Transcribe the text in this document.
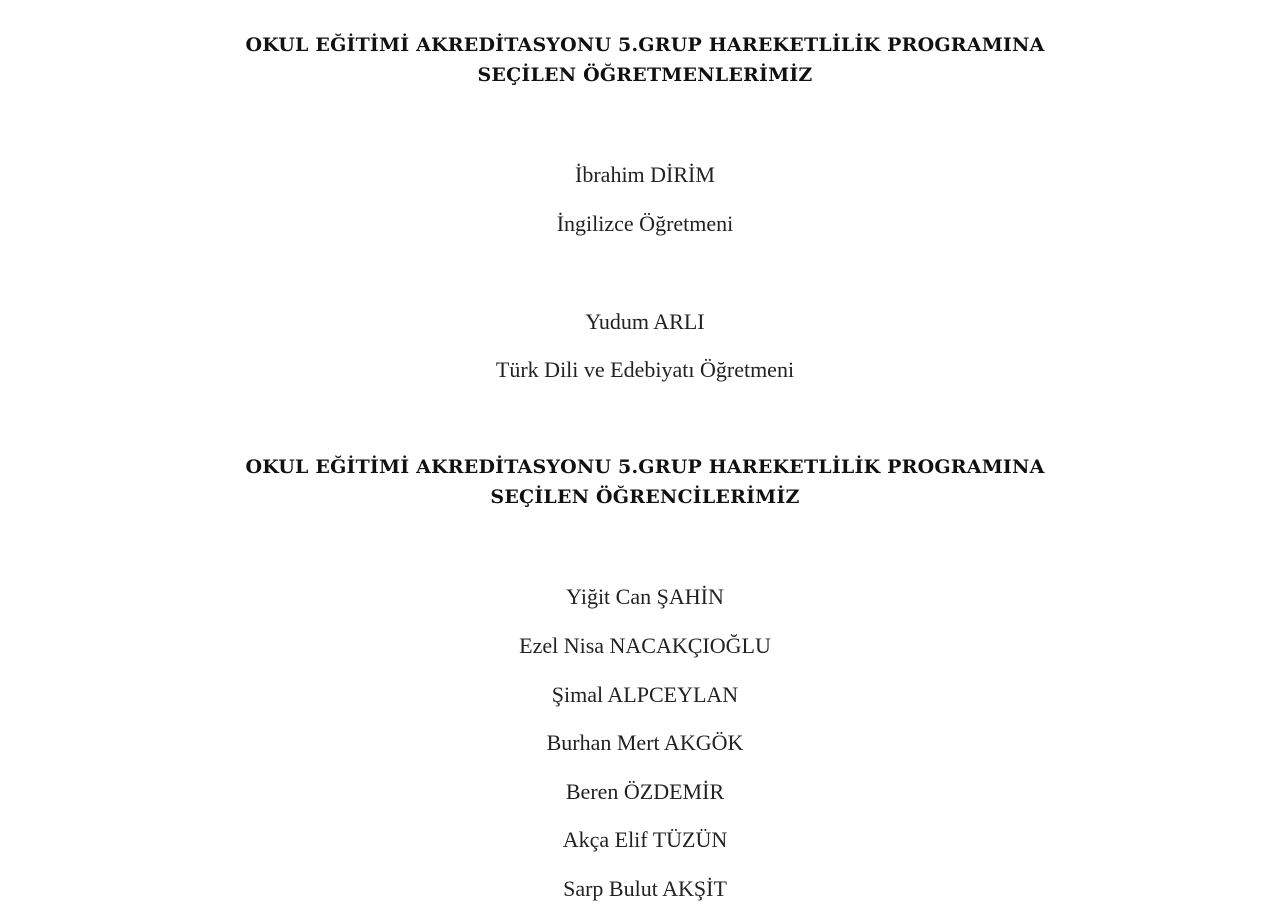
OKUL EĞİTİMİ AKREDİTASYONU 5.GRUP HAREKETLİLİK PROGRAMINA
SEÇİLEN ÖĞRETMENLERİMİZ
İbrahim DİRİM
İngilizce Öğretmeni
Yudum ARLI
Türk Dili ve Edebiyatı Öğretmeni
OKUL EĞİTİMİ AKREDİTASYONU 5.GRUP HAREKETLİLİK PROGRAMINA
SEÇİLEN ÖĞRENCİLERİMİZ
Yiğit Can ŞAHİN
Ezel Nisa NACAKÇIOĞLU
Şimal ALPCEYLAN
Burhan Mert AKGÖK
Beren ÖZDEMİR
Akça Elif TÜZÜN
Sarp Bulut AKŞİT
